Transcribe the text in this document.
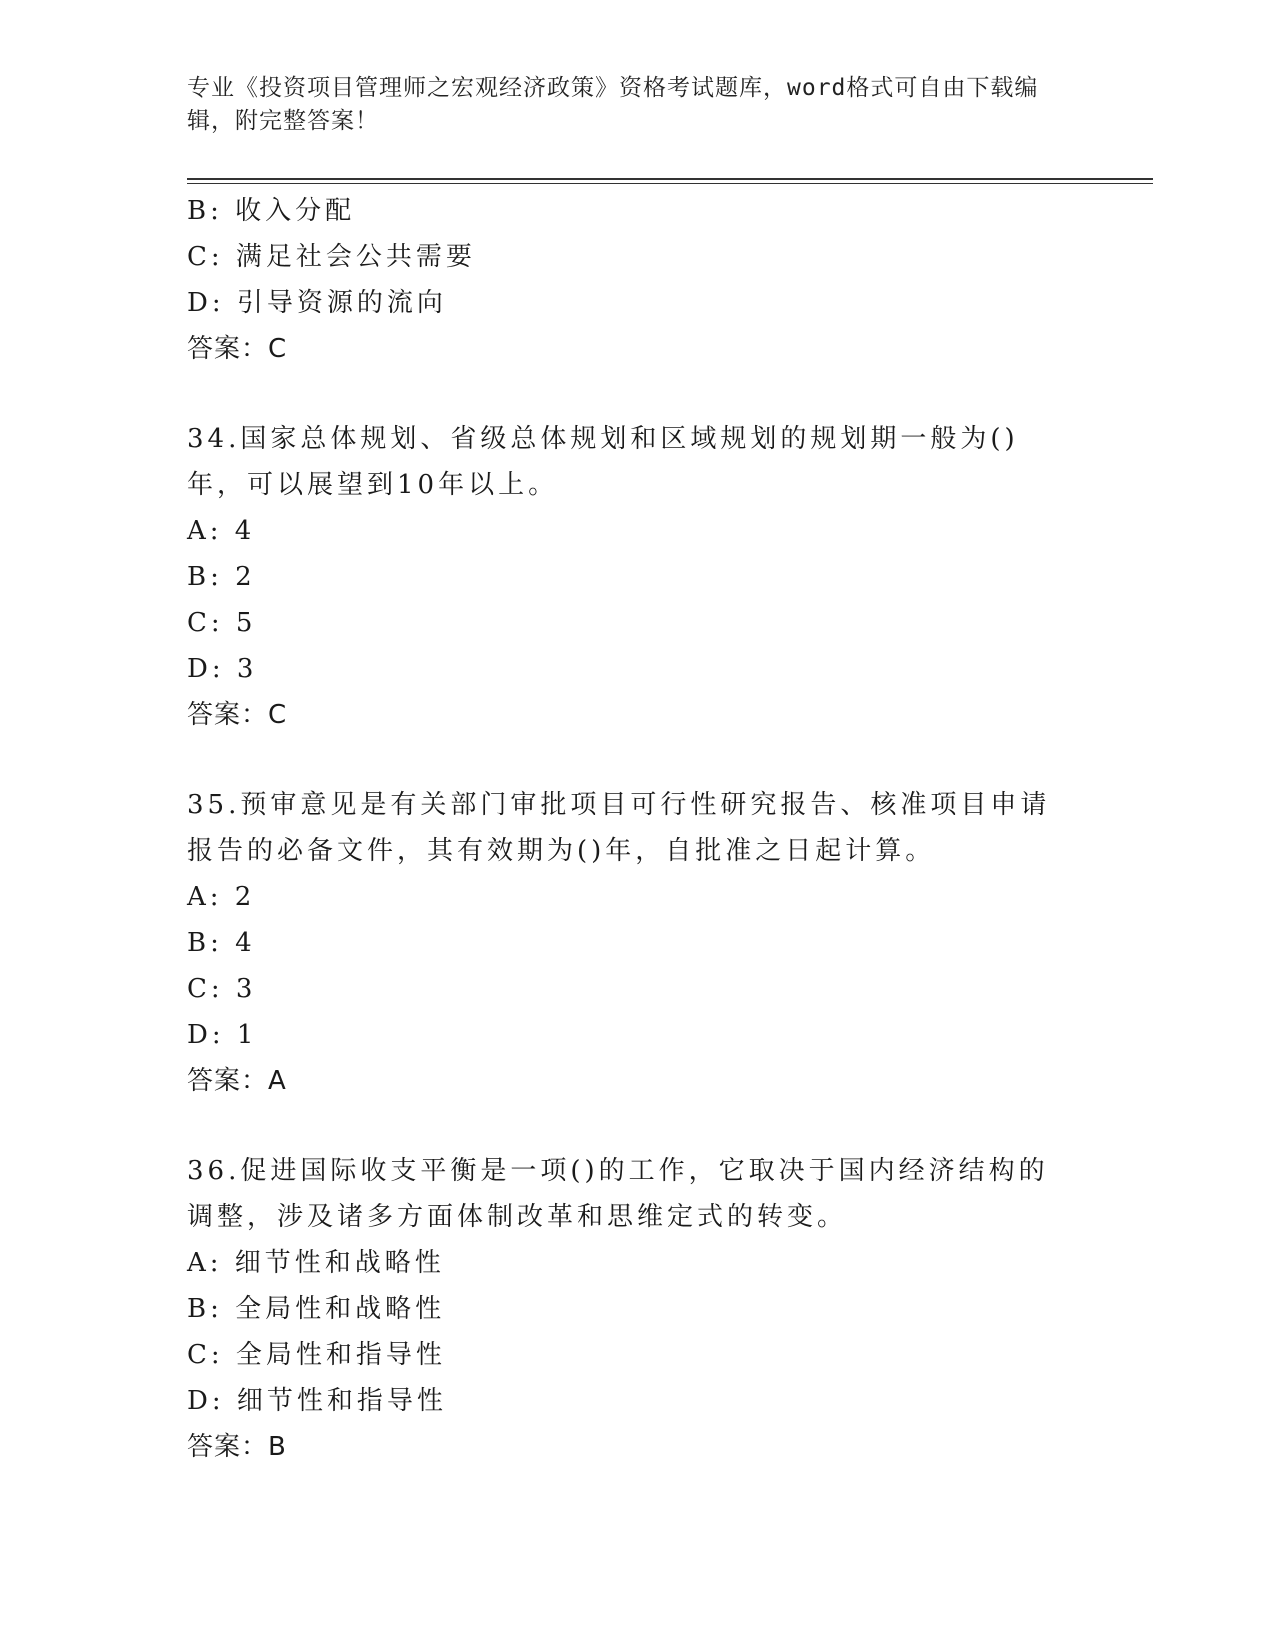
专业《投资项目管理师之宏观经济政策》资格考试题库，word格式可自由下载编辑，附完整答案！
B: 收入分配
C: 满足社会公共需要
D: 引导资源的流向
答案：C
34.国家总体规划、省级总体规划和区域规划的规划期一般为()年，可以展望到10年以上。
A: 4
B: 2
C: 5
D: 3
答案：C
35.预审意见是有关部门审批项目可行性研究报告、核准项目申请报告的必备文件，其有效期为()年，自批准之日起计算。
A: 2
B: 4
C: 3
D: 1
答案：A
36.促进国际收支平衡是一项()的工作，它取决于国内经济结构的调整，涉及诸多方面体制改革和思维定式的转变。
A: 细节性和战略性
B: 全局性和战略性
C: 全局性和指导性
D: 细节性和指导性
答案：B
